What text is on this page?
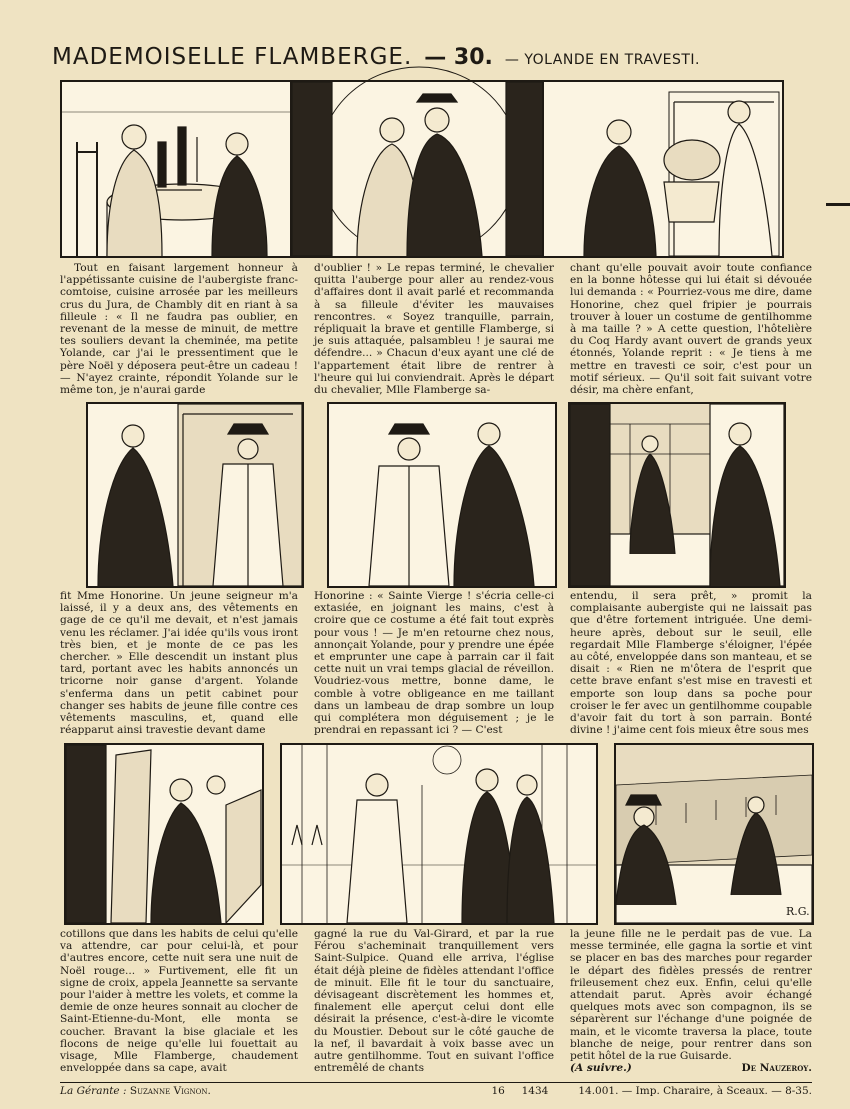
MADEMOISELLE FLAMBERGE. — 30. — YOLANDE EN TRAVESTI.

Tout en faisant largement honneur à l'appétissante cuisine de l'aubergiste franc-comtoise, cuisine arrosée par les meilleurs crus du Jura, de Chambly dit en riant à sa filleule : « Il ne faudra pas oublier, en revenant de la messe de minuit, de mettre tes souliers devant la cheminée, ma petite Yolande, car j'ai le pressentiment que le père Noël y déposera peut-être un cadeau ! — N'ayez crainte, répondit Yolande sur le même ton, je n'aurai garde

d'oublier ! » Le repas terminé, le chevalier quitta l'auberge pour aller au rendez-vous d'affaires dont il avait parlé et recommanda à sa filleule d'éviter les mauvaises rencontres. « Soyez tranquille, parrain, répliquait la brave et gentille Flamberge, si je suis attaquée, palsambleu ! je saurai me défendre... » Chacun d'eux ayant une clé de l'appartement était libre de rentrer à l'heure qui lui conviendrait. Après le départ du chevalier, Mlle Flamberge sa-

chant qu'elle pouvait avoir toute confiance en la bonne hôtesse qui lui était si dévouée lui demanda : « Pourriez-vous me dire, dame Honorine, chez quel fripier je pourrais trouver à louer un costume de gentilhomme à ma taille ? » A cette question, l'hôtelière du Coq Hardy avant ouvert de grands yeux étonnés, Yolande reprit : « Je tiens à me mettre en travesti ce soir, c'est pour un motif sérieux. — Qu'il soit fait suivant votre désir, ma chère enfant,

fit Mme Honorine. Un jeune seigneur m'a laissé, il y a deux ans, des vêtements en gage de ce qu'il me devait, et n'est jamais venu les réclamer. J'ai idée qu'ils vous iront très bien, et je monte de ce pas les chercher. » Elle descendit un instant plus tard, portant avec les habits annoncés un tricorne noir ganse d'argent. Yolande s'enferma dans un petit cabinet pour changer ses habits de jeune fille contre ces vêtements masculins, et, quand elle réapparut ainsi travestie devant dame

Honorine : « Sainte Vierge ! s'écria celle-ci extasiée, en joignant les mains, c'est à croire que ce costume a été fait tout exprès pour vous ! — Je m'en retourne chez nous, annonçait Yolande, pour y prendre une épée et emprunter une cape à parrain car il fait cette nuit un vrai temps glacial de réveillon. Voudriez-vous mettre, bonne dame, le comble à votre obligeance en me taillant dans un lambeau de drap sombre un loup qui complétera mon déguisement ; je le prendrai en repassant ici ? — C'est

entendu, il sera prêt, » promit la complaisante aubergiste qui ne laissait pas que d'être fortement intriguée. Une demi-heure après, debout sur le seuil, elle regardait Mlle Flamberge s'éloigner, l'épée au côté, enveloppée dans son manteau, et se disait : « Rien ne m'ôtera de l'esprit que cette brave enfant s'est mise en travesti et emporte son loup dans sa poche pour croiser le fer avec un gentilhomme coupable d'avoir fait du tort à son parrain. Bonté divine ! j'aime cent fois mieux être sous mes

R.G.

cotillons que dans les habits de celui qu'elle va attendre, car pour celui-là, et pour d'autres encore, cette nuit sera une nuit de Noël rouge... » Furtivement, elle fit un signe de croix, appela Jeannette sa servante pour l'aider à mettre les volets, et comme la demie de onze heures sonnait au clocher de Saint-Etienne-du-Mont, elle monta se coucher. Bravant la bise glaciale et les flocons de neige qu'elle lui fouettait au visage, Mlle Flamberge, chaudement enveloppée dans sa cape, avait

gagné la rue du Val-Girard, et par la rue Férou s'acheminait tranquillement vers Saint-Sulpice. Quand elle arriva, l'église était déjà pleine de fidèles attendant l'office de minuit. Elle fit le tour du sanctuaire, dévisageant discrètement les hommes et, finalement elle aperçut celui dont elle désirait la présence, c'est-à-dire le vicomte du Moustier. Debout sur le côté gauche de la nef, il bavardait à voix basse avec un autre gentilhomme. Tout en suivant l'office entremêlé de chants

la jeune fille ne le perdait pas de vue. La messe terminée, elle gagna la sortie et vint se placer en bas des marches pour regarder le départ des fidèles pressés de rentrer frileusement chez eux. Enfin, celui qu'elle attendait parut. Après avoir échangé quelques mots avec son compagnon, ils se séparèrent sur l'échange d'une poignée de main, et le vicomte traversa la place, toute blanche de neige, pour rentrer dans son petit hôtel de la rue Guisarde.

(A suivre.)	De Nauzeroy.

La Gérante : Suzanne Vignon.	16 1434	14.001. — Imp. Charaire, à Sceaux. — 8-35.
